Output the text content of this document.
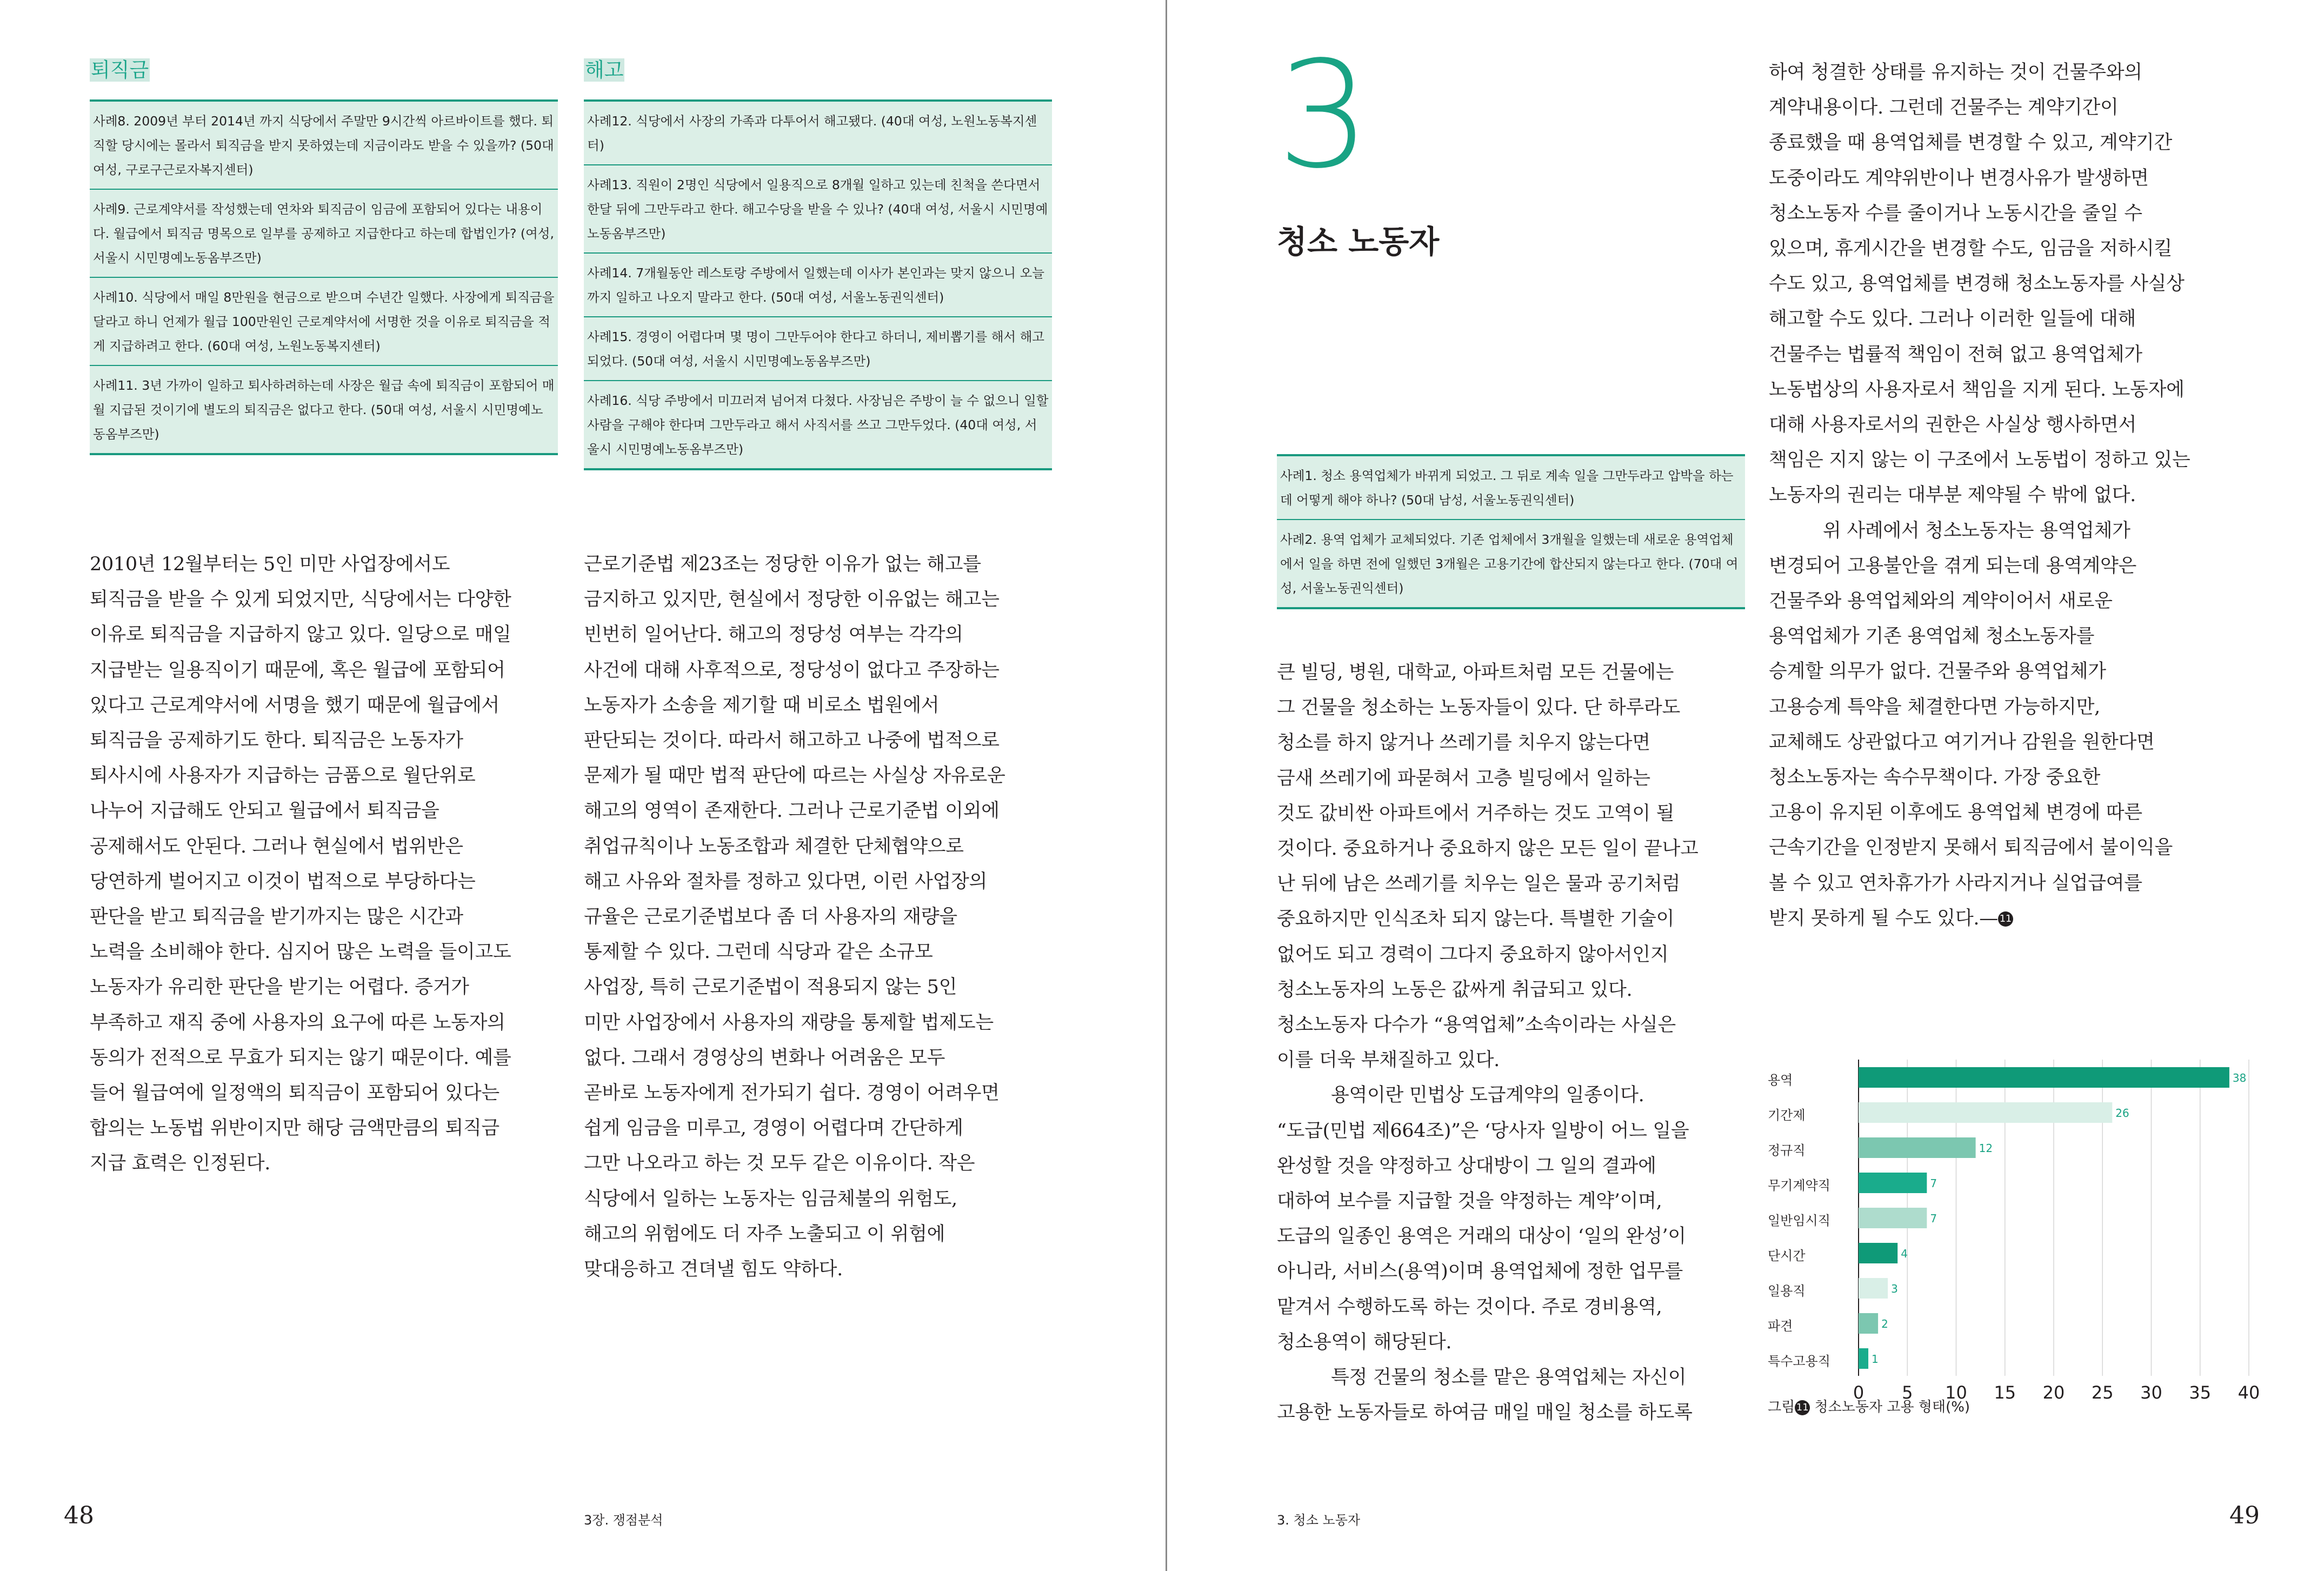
퇴직금
사례8. 2009년 부터 2014년 까지 식당에서 주말만 9시간씩 아르바이트를 했다. 퇴직할 당시에는 몰라서 퇴직금을 받지 못하였는데 지금이라도 받을 수 있을까? (50대 여성, 구로구근로자복지센터)
사례9. 근로계약서를 작성했는데 연차와 퇴직금이 임금에 포함되어 있다는 내용이다. 월급에서 퇴직금 명목으로 일부를 공제하고 지급한다고 하는데 합법인가? (여성, 서울시 시민명예노동옴부즈만)
사례10. 식당에서 매일 8만원을 현금으로 받으며 수년간 일했다. 사장에게 퇴직금을 달라고 하니 언제가 월급 100만원인 근로계약서에 서명한 것을 이유로 퇴직금을 적게 지급하려고 한다. (60대 여성, 노원노동복지센터)
사례11. 3년 가까이 일하고 퇴사하려하는데 사장은 월급 속에 퇴직금이 포함되어 매월 지급된 것이기에 별도의 퇴직금은 없다고 한다. (50대 여성, 서울시 시민명예노동옴부즈만)
해고
사례12. 식당에서 사장의 가족과 다투어서 해고됐다. (40대 여성, 노원노동복지센터)
사례13. 직원이 2명인 식당에서 일용직으로 8개월 일하고 있는데 친척을 쓴다면서 한달 뒤에 그만두라고 한다. 해고수당을 받을 수 있나? (40대 여성, 서울시 시민명예노동옴부즈만)
사례14. 7개월동안 레스토랑 주방에서 일했는데 이사가 본인과는 맞지 않으니 오늘까지 일하고 나오지 말라고 한다. (50대 여성, 서울노동권익센터)
사례15. 경영이 어렵다며 몇 명이 그만두어야 한다고 하더니, 제비뽑기를 해서 해고되었다. (50대 여성, 서울시 시민명예노동옴부즈만)
사례16. 식당 주방에서 미끄러져 넘어져 다쳤다. 사장님은 주방이 늘 수 없으니 일할 사람을 구해야 한다며 그만두라고 해서 사직서를 쓰고 그만두었다. (40대 여성, 서울시 시민명예노동옴부즈만)

2010년 12월부터는 5인 미만 사업장에서도

퇴직금을 받을 수 있게 되었지만, 식당에서는 다양한

이유로 퇴직금을 지급하지 않고 있다. 일당으로 매일

지급받는 일용직이기 때문에, 혹은 월급에 포함되어

있다고 근로계약서에 서명을 했기 때문에 월급에서

퇴직금을 공제하기도 한다. 퇴직금은 노동자가

퇴사시에 사용자가 지급하는 금품으로 월단위로

나누어 지급해도 안되고 월급에서 퇴직금을

공제해서도 안된다. 그러나 현실에서 법위반은

당연하게 벌어지고 이것이 법적으로 부당하다는

판단을 받고 퇴직금을 받기까지는 많은 시간과

노력을 소비해야 한다. 심지어 많은 노력을 들이고도

노동자가 유리한 판단을 받기는 어렵다. 증거가

부족하고 재직 중에 사용자의 요구에 따른 노동자의

동의가 전적으로 무효가 되지는 않기 때문이다. 예를

들어 월급여에 일정액의 퇴직금이 포함되어 있다는

합의는 노동법 위반이지만 해당 금액만큼의 퇴직금

지급 효력은 인정된다.

근로기준법 제23조는 정당한 이유가 없는 해고를

금지하고 있지만, 현실에서 정당한 이유없는 해고는

빈번히 일어난다. 해고의 정당성 여부는 각각의

사건에 대해 사후적으로, 정당성이 없다고 주장하는

노동자가 소송을 제기할 때 비로소 법원에서

판단되는 것이다. 따라서 해고하고 나중에 법적으로

문제가 될 때만 법적 판단에 따르는 사실상 자유로운

해고의 영역이 존재한다. 그러나 근로기준법 이외에

취업규칙이나 노동조합과 체결한 단체협약으로

해고 사유와 절차를 정하고 있다면, 이런 사업장의

규율은 근로기준법보다 좀 더 사용자의 재량을

통제할 수 있다. 그런데 식당과 같은 소규모

사업장, 특히 근로기준법이 적용되지 않는 5인

미만 사업장에서 사용자의 재량을 통제할 법제도는

없다. 그래서 경영상의 변화나 어려움은 모두

곧바로 노동자에게 전가되기 쉽다. 경영이 어려우면

쉽게 임금을 미루고, 경영이 어렵다며 간단하게

그만 나오라고 하는 것 모두 같은 이유이다. 작은

식당에서 일하는 노동자는 임금체불의 위험도,

해고의 위험에도 더 자주 노출되고 이 위험에

맞대응하고 견뎌낼 힘도 약하다.

48	3장. 쟁점분석
3
청소 노동자
사례1. 청소 용역업체가 바뀌게 되었고. 그 뒤로 계속 일을 그만두라고 압박을 하는데 어떻게 해야 하나? (50대 남성, 서울노동권익센터)
사례2. 용역 업체가 교체되었다. 기존 업체에서 3개월을 일했는데 새로운 용역업체에서 일을 하면 전에 일했던 3개월은 고용기간에 합산되지 않는다고 한다. (70대 여성, 서울노동권익센터)

큰 빌딩, 병원, 대학교, 아파트처럼 모든 건물에는

그 건물을 청소하는 노동자들이 있다. 단 하루라도

청소를 하지 않거나 쓰레기를 치우지 않는다면

금새 쓰레기에 파묻혀서 고층 빌딩에서 일하는

것도 값비싼 아파트에서 거주하는 것도 고역이 될

것이다. 중요하거나 중요하지 않은 모든 일이 끝나고

난 뒤에 남은 쓰레기를 치우는 일은 물과 공기처럼

중요하지만 인식조차 되지 않는다. 특별한 기술이

없어도 되고 경력이 그다지 중요하지 않아서인지

청소노동자의 노동은 값싸게 취급되고 있다.

청소노동자 다수가 “용역업체”소속이라는 사실은

이를 더욱 부채질하고 있다.

용역이란 민법상 도급계약의 일종이다.

“도급(민법 제664조)”은 ‘당사자 일방이 어느 일을

완성할 것을 약정하고 상대방이 그 일의 결과에

대하여 보수를 지급할 것을 약정하는 계약’이며,

도급의 일종인 용역은 거래의 대상이 ‘일의 완성’이

아니라, 서비스(용역)이며 용역업체에 정한 업무를

맡겨서 수행하도록 하는 것이다. 주로 경비용역,

청소용역이 해당된다.

특정 건물의 청소를 맡은 용역업체는 자신이

고용한 노동자들로 하여금 매일 매일 청소를 하도록

하여 청결한 상태를 유지하는 것이 건물주와의

계약내용이다. 그런데 건물주는 계약기간이

종료했을 때 용역업체를 변경할 수 있고, 계약기간

도중이라도 계약위반이나 변경사유가 발생하면

청소노동자 수를 줄이거나 노동시간을 줄일 수

있으며, 휴게시간을 변경할 수도, 임금을 저하시킬

수도 있고, 용역업체를 변경해 청소노동자를 사실상

해고할 수도 있다. 그러나 이러한 일들에 대해

건물주는 법률적 책임이 전혀 없고 용역업체가

노동법상의 사용자로서 책임을 지게 된다. 노동자에

대해 사용자로서의 권한은 사실상 행사하면서

책임은 지지 않는 이 구조에서 노동법이 정하고 있는

노동자의 권리는 대부분 제약될 수 밖에 없다.

위 사례에서 청소노동자는 용역업체가

변경되어 고용불안을 겪게 되는데 용역계약은

건물주와 용역업체와의 계약이어서 새로운

용역업체가 기존 용역업체 청소노동자를

승계할 의무가 없다. 건물주와 용역업체가

고용승계 특약을 체결한다면 가능하지만,

교체해도 상관없다고 여기거나 감원을 원한다면

청소노동자는 속수무책이다. 가장 중요한

고용이 유지된 이후에도 용역업체 변경에 따른

근속기간을 인정받지 못해서 퇴직금에서 불이익을

볼 수 있고 연차휴가가 사라지거나 실업급여를

받지 못하게 될 수도 있다.— 11

38
26
12
7
7
4
3
2
1
용역
기간제
정규직
무기계약직
일반임시직
단시간
일용직
파견
특수고용직
0 5 10 15 20 25 30 35 40
그림 11 청소노동자 고용 형태(%)
49
3. 청소 노동자
